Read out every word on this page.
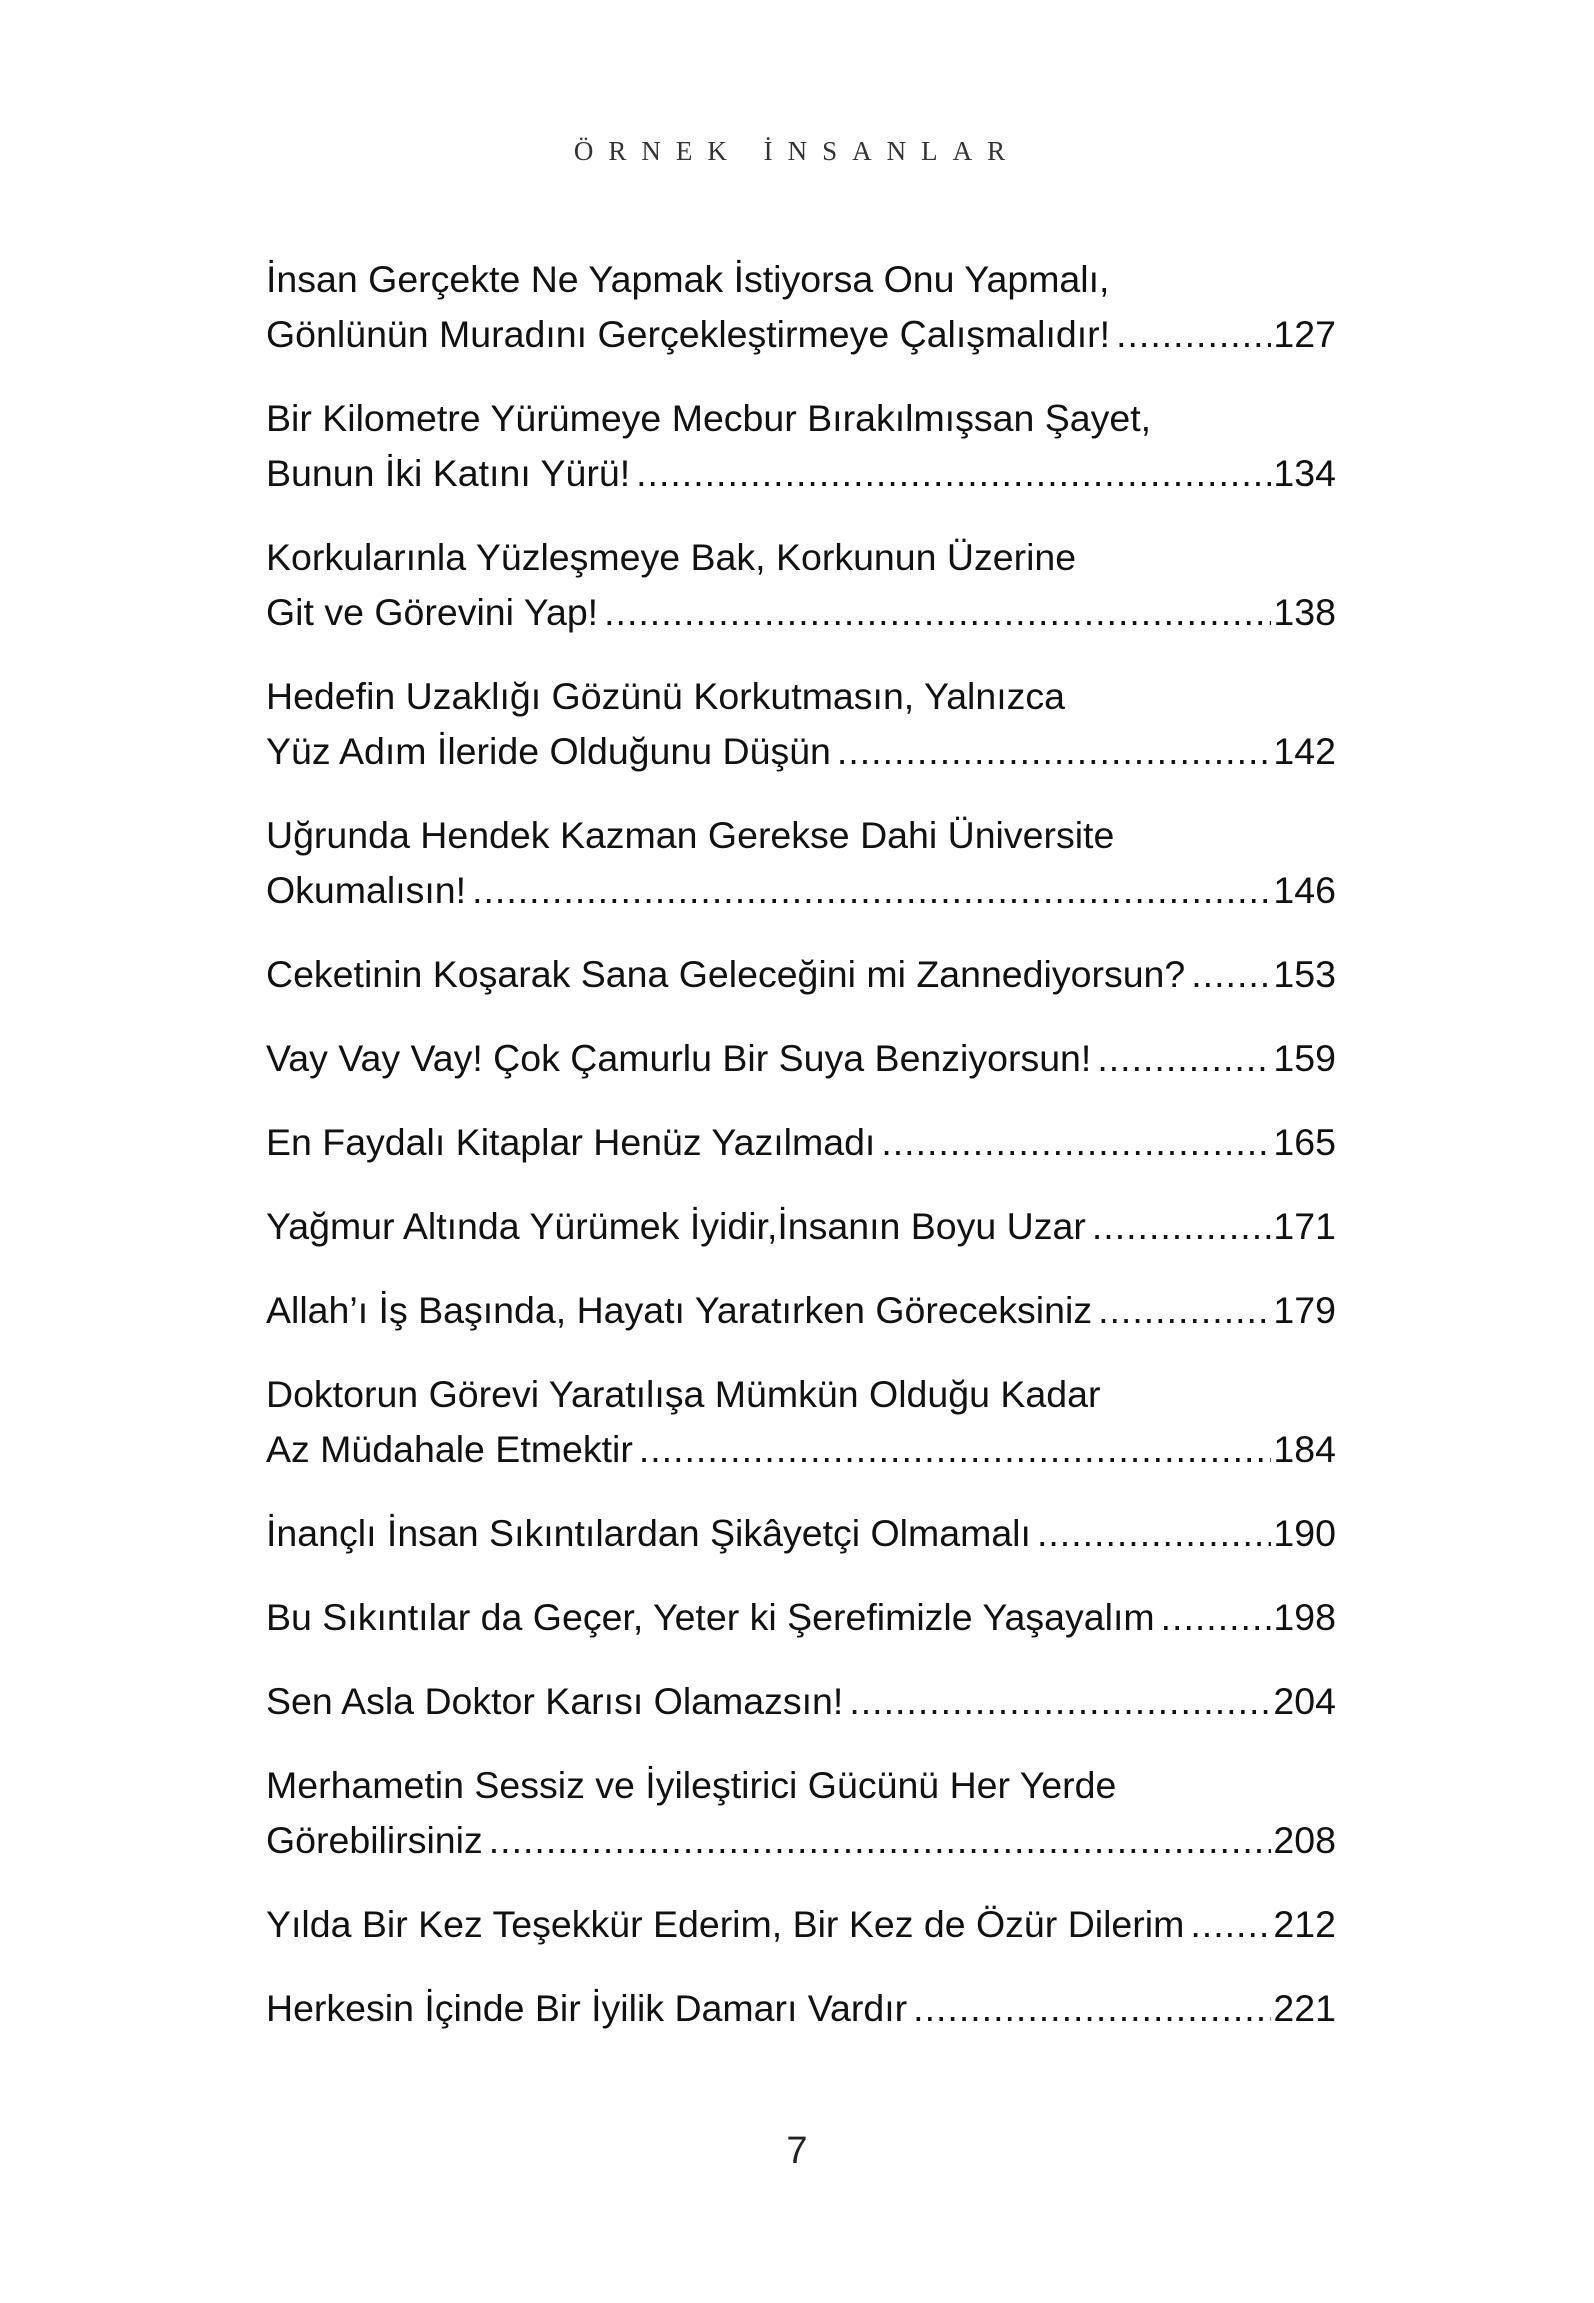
ÖRNEK İNSANLAR
İnsan Gerçekte Ne Yapmak İstiyorsa Onu Yapmalı,
Gönlünün Muradını Gerçekleştirmeye Çalışmalıdır! .....	127
Bir Kilometre Yürümeye Mecbur Bırakılmışsan Şayet,
Bunun İki Katını Yürü! .....	134
Korkularınla Yüzleşmeye Bak, Korkunun Üzerine
Git ve Görevini Yap! .....	138
Hedefin Uzaklığı Gözünü Korkutmasın, Yalnızca
Yüz Adım İleride Olduğunu Düşün .....	142
Uğrunda Hendek Kazman Gerekse Dahi Üniversite
Okumalısın! .....	146
Ceketinin Koşarak Sana Geleceğini mi Zannediyorsun? ..... 153
Vay Vay Vay! Çok Çamurlu Bir Suya Benziyorsun! .....	159
En Faydalı Kitaplar Henüz Yazılmadı .....	165
Yağmur Altında Yürümek İyidir,İnsanın Boyu Uzar .....	171
Allah’ı İş Başında, Hayatı Yaratırken Göreceksiniz .....	179
Doktorun Görevi Yaratılışa Mümkün Olduğu Kadar
Az Müdahale Etmektir .....	184
İnançlı İnsan Sıkıntılardan Şikâyetçi Olmamalı .....	190
Bu Sıkıntılar da Geçer, Yeter ki Şerefimizle Yaşayalım .....	198
Sen Asla Doktor Karısı Olamazsın! .....	204
Merhametin Sessiz ve İyileştirici Gücünü Her Yerde
Görebilirsiniz .....	208
Yılda Bir Kez Teşekkür Ederim, Bir Kez de Özür Dilerim ..... 212
Herkesin İçinde Bir İyilik Damarı Vardır .....	221
7
